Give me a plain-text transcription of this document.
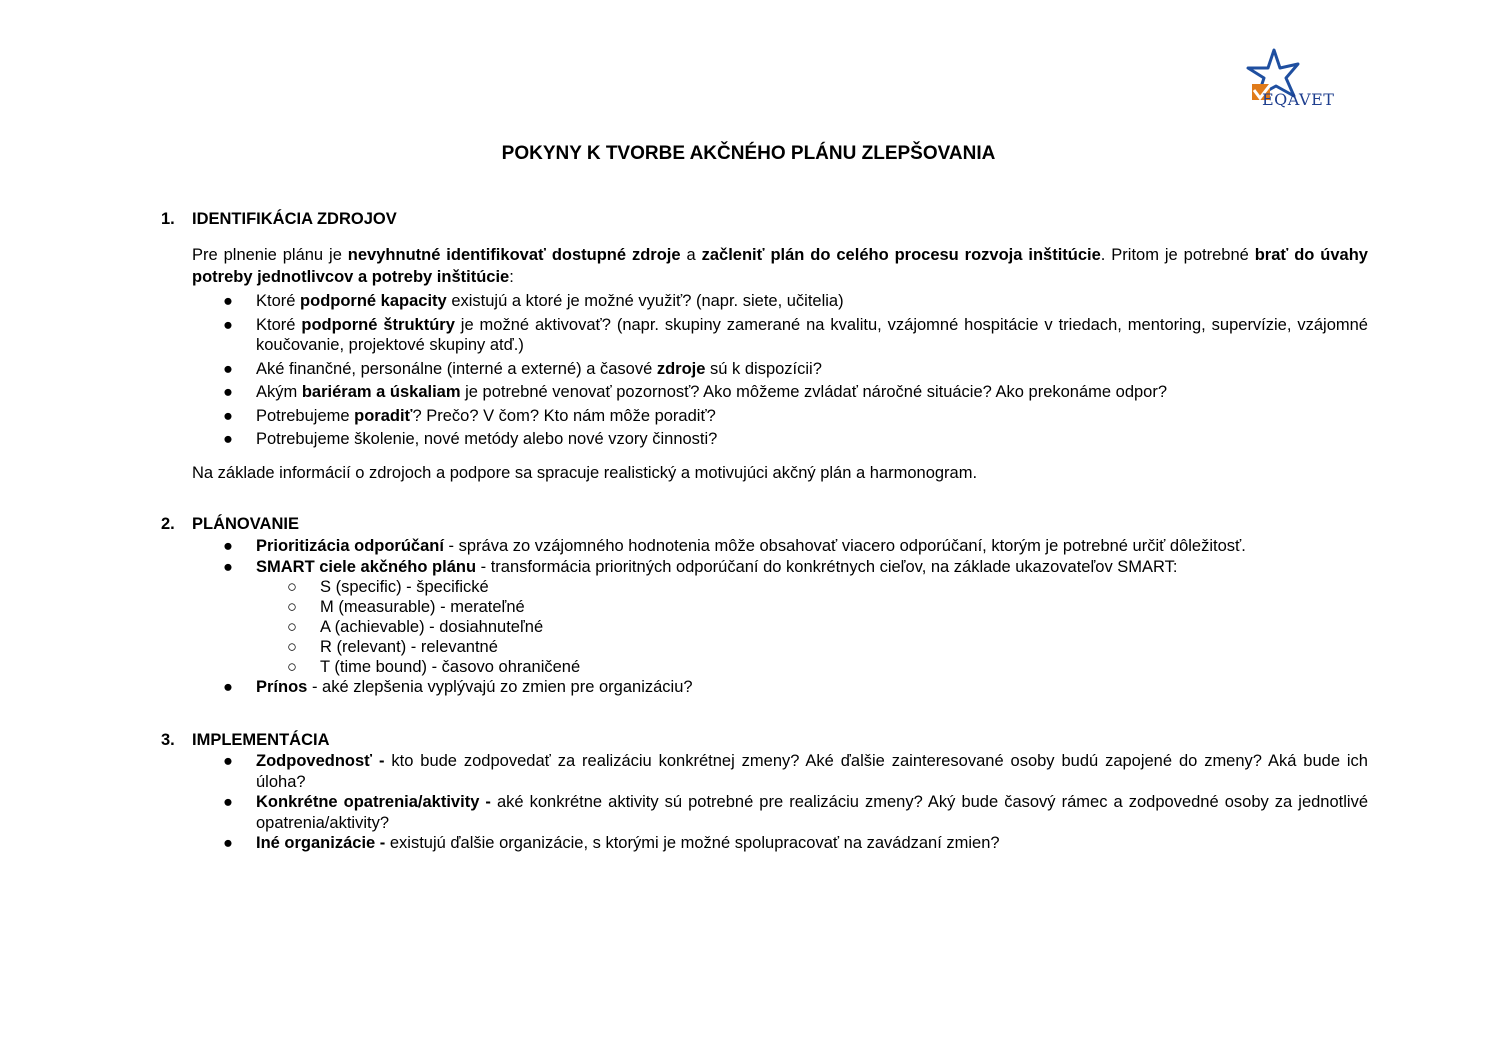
EQAVET
POKYNY K TVORBE AKČNÉHO PLÁNU ZLEPŠOVANIA
1. IDENTIFIKÁCIA ZDROJOV
Pre plnenie plánu je nevyhnutné identifikovať dostupné zdroje a začleniť plán do celého procesu rozvoja inštitúcie. Pritom je potrebné brať do úvahy potreby jednotlivcov a potreby inštitúcie:
● Ktoré podporné kapacity existujú a ktoré je možné využiť? (napr. siete, učitelia)
● Ktoré podporné štruktúry je možné aktivovať? (napr. skupiny zamerané na kvalitu, vzájomné hospitácie v triedach, mentoring, supervízie, vzájomné koučovanie, projektové skupiny atď.)
● Aké finančné, personálne (interné a externé) a časové zdroje sú k dispozícii?
● Akým bariéram a úskaliam je potrebné venovať pozornosť? Ako môžeme zvládať náročné situácie? Ako prekonáme odpor?
● Potrebujeme poradiť? Prečo? V čom? Kto nám môže poradiť?
● Potrebujeme školenie, nové metódy alebo nové vzory činnosti?
Na základe informácií o zdrojoch a podpore sa spracuje realistický a motivujúci akčný plán a harmonogram.
2. PLÁNOVANIE
● Prioritizácia odporúčaní - správa zo vzájomného hodnotenia môže obsahovať viacero odporúčaní, ktorým je potrebné určiť dôležitosť.
● SMART ciele akčného plánu - transformácia prioritných odporúčaní do konkrétnych cieľov, na základe ukazovateľov SMART:
○ S (specific) - špecifické
○ M (measurable) - merateľné
○ A (achievable) - dosiahnuteľné
○ R (relevant) - relevantné
○ T (time bound) - časovo ohraničené
● Prínos - aké zlepšenia vyplývajú zo zmien pre organizáciu?
3. IMPLEMENTÁCIA
● Zodpovednosť - kto bude zodpovedať za realizáciu konkrétnej zmeny? Aké ďalšie zainteresované osoby budú zapojené do zmeny? Aká bude ich úloha?
● Konkrétne opatrenia/aktivity - aké konkrétne aktivity sú potrebné pre realizáciu zmeny? Aký bude časový rámec a zodpovedné osoby za jednotlivé opatrenia/aktivity?
● Iné organizácie - existujú ďalšie organizácie, s ktorými je možné spolupracovať na zavádzaní zmien?
